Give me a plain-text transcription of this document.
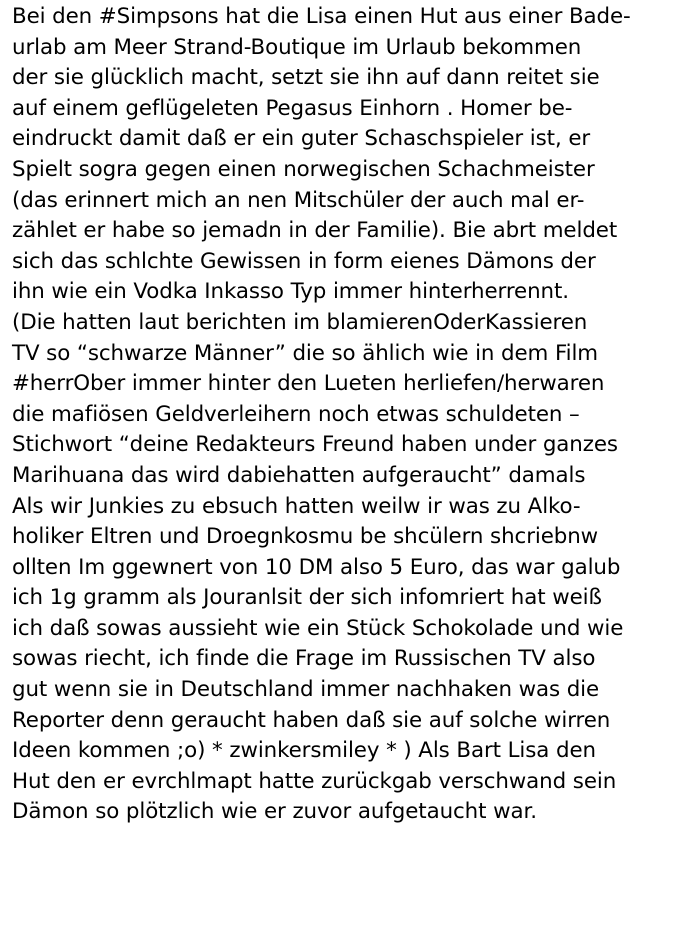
Bei den #Simpsons hat die Lisa einen Hut aus einer Bade-
urlab am Meer Strand-Boutique im Urlaub bekommen
der sie glücklich macht, setzt sie ihn auf dann reitet sie
auf einem geflügeleten Pegasus Einhorn . Homer be-
eindruckt damit daß er ein guter Schaschspieler ist, er
Spielt sogra gegen einen norwegischen Schachmeister
(das erinnert mich an nen Mitschüler der auch mal er-
zählet er habe so jemadn in der Familie). Bie abrt meldet
sich das schlchte Gewissen in form eienes Dämons der
ihn wie ein Vodka Inkasso Typ immer hinterherrennt.
(Die hatten laut berichten im blamierenOderKassieren
TV so “schwarze Männer” die so ählich wie in dem Film
#herrOber immer hinter den Lueten herliefen/herwaren
die mafiösen Geldverleihern noch etwas schuldeten –
Stichwort “deine Redakteurs Freund haben under ganzes
Marihuana das wird dabiehatten aufgeraucht” damals
Als wir Junkies zu ebsuch hatten weilw ir was zu Alko-
holiker Eltren und Droegnkosmu be shcülern shcriebnw
ollten Im ggewnert von 10 DM also 5 Euro, das war galub
ich 1g gramm als Jouranlsit der sich infomriert hat weiß
ich daß sowas aussieht wie ein Stück Schokolade und wie
sowas riecht, ich finde die Frage im Russischen TV also
gut wenn sie in Deutschland immer nachhaken was die
Reporter denn geraucht haben daß sie auf solche wirren
Ideen kommen ;o) * zwinkersmiley * ) Als Bart Lisa den
Hut den er evrchlmapt hatte zurückgab verschwand sein
Dämon so plötzlich wie er zuvor aufgetaucht war.
